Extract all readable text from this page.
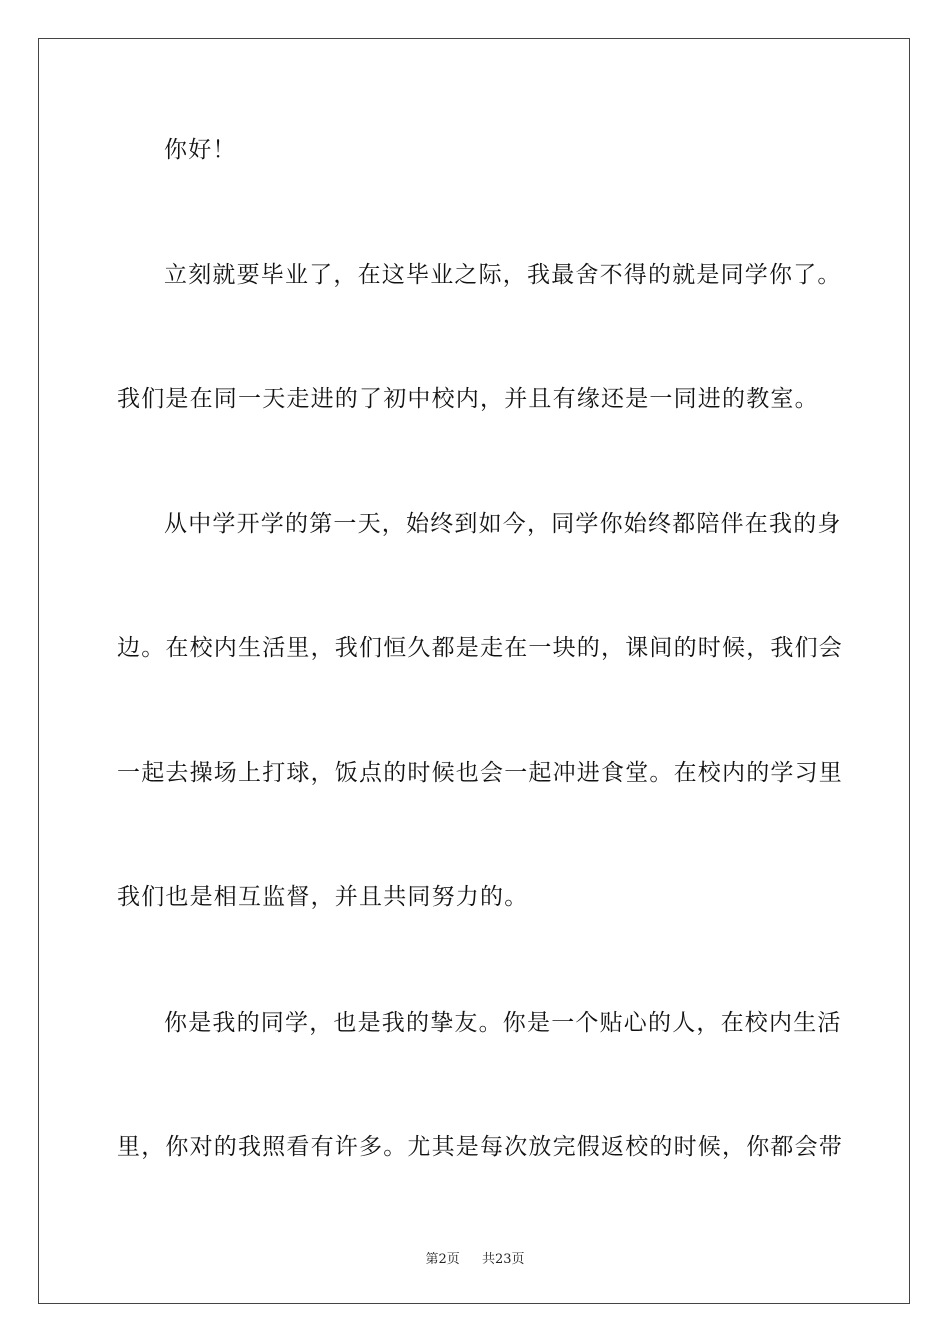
你好！
立刻就要毕业了，在这毕业之际，我最舍不得的就是同学你了。
我们是在同一天走进的了初中校内，并且有缘还是一同进的教室。
从中学开学的第一天，始终到如今，同学你始终都陪伴在我的身
边。在校内生活里，我们恒久都是走在一块的，课间的时候，我们会
一起去操场上打球，饭点的时候也会一起冲进食堂。在校内的学习里
我们也是相互监督，并且共同努力的。
你是我的同学，也是我的挚友。你是一个贴心的人，在校内生活
里，你对的我照看有许多。尤其是每次放完假返校的时候，你都会带
第2页 共23页
